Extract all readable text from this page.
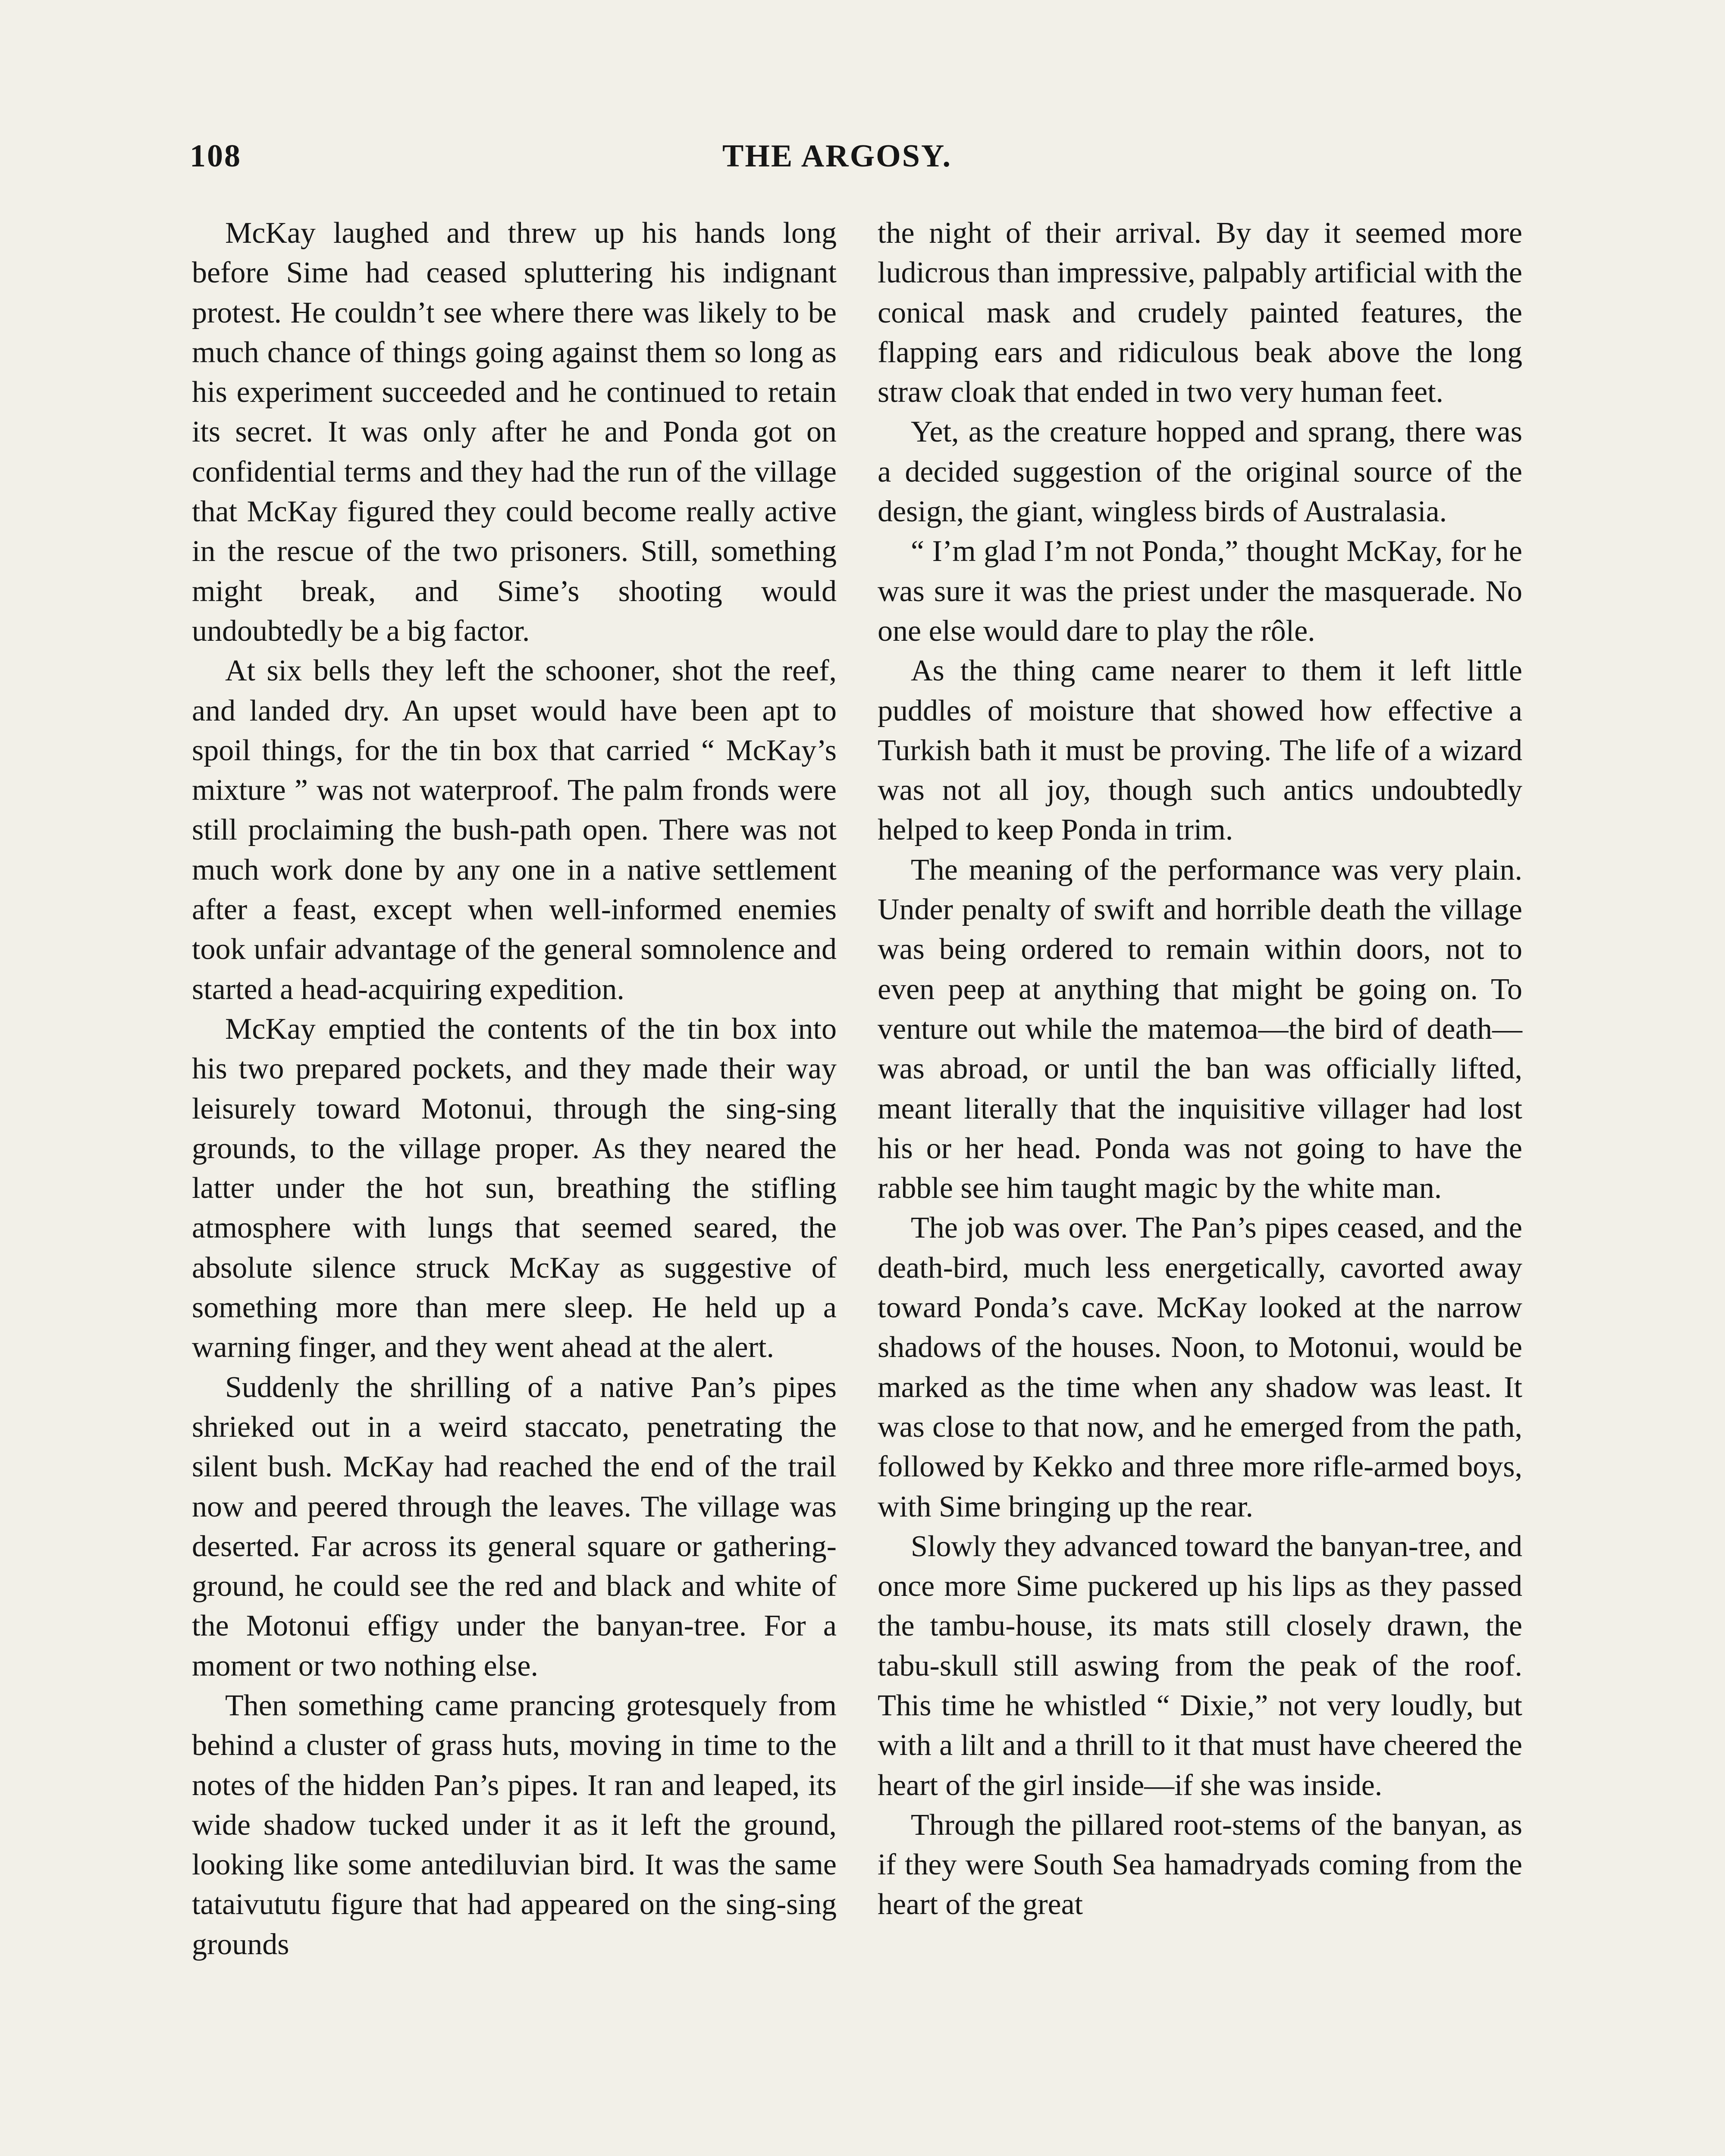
108	THE ARGOSY.

McKay laughed and threw up his hands long before Sime had ceased spluttering his indignant protest. He couldn’t see where there was likely to be much chance of things going against them so long as his experiment succeeded and he continued to retain its secret. It was only after he and Ponda got on confidential terms and they had the run of the village that McKay figured they could become really active in the rescue of the two prisoners. Still, something might break, and Sime’s shooting would undoubtedly be a big factor.

At six bells they left the schooner, shot the reef, and landed dry. An upset would have been apt to spoil things, for the tin box that carried “ McKay’s mixture ” was not waterproof. The palm fronds were still proclaiming the bush-path open. There was not much work done by any one in a native settlement after a feast, except when well-informed enemies took unfair advantage of the general somnolence and started a head-acquiring expedition.

McKay emptied the contents of the tin box into his two prepared pockets, and they made their way leisurely toward Motonui, through the sing-sing grounds, to the village proper. As they neared the latter under the hot sun, breathing the stifling atmosphere with lungs that seemed seared, the absolute silence struck McKay as suggestive of something more than mere sleep. He held up a warning finger, and they went ahead at the alert.

Suddenly the shrilling of a native Pan’s pipes shrieked out in a weird staccato, penetrating the silent bush. McKay had reached the end of the trail now and peered through the leaves. The village was deserted. Far across its general square or gathering-ground, he could see the red and black and white of the Motonui effigy under the banyan-tree. For a moment or two nothing else.

Then something came prancing grotesquely from behind a cluster of grass huts, moving in time to the notes of the hidden Pan’s pipes. It ran and leaped, its wide shadow tucked under it as it left the ground, looking like some antediluvian bird. It was the same tataivututu figure that had appeared on the sing-sing grounds

the night of their arrival. By day it seemed more ludicrous than impressive, palpably artificial with the conical mask and crudely painted features, the flapping ears and ridiculous beak above the long straw cloak that ended in two very human feet.

Yet, as the creature hopped and sprang, there was a decided suggestion of the original source of the design, the giant, wingless birds of Australasia.

“ I’m glad I’m not Ponda,” thought McKay, for he was sure it was the priest under the masquerade. No one else would dare to play the rôle.

As the thing came nearer to them it left little puddles of moisture that showed how effective a Turkish bath it must be proving. The life of a wizard was not all joy, though such antics undoubtedly helped to keep Ponda in trim.

The meaning of the performance was very plain. Under penalty of swift and horrible death the village was being ordered to remain within doors, not to even peep at anything that might be going on. To venture out while the matemoa—the bird of death—was abroad, or until the ban was officially lifted, meant literally that the inquisitive villager had lost his or her head. Ponda was not going to have the rabble see him taught magic by the white man.

The job was over. The Pan’s pipes ceased, and the death-bird, much less energetically, cavorted away toward Ponda’s cave. McKay looked at the narrow shadows of the houses. Noon, to Motonui, would be marked as the time when any shadow was least. It was close to that now, and he emerged from the path, followed by Kekko and three more rifle-armed boys, with Sime bringing up the rear.

Slowly they advanced toward the banyan-tree, and once more Sime puckered up his lips as they passed the tambu-house, its mats still closely drawn, the tabu-skull still aswing from the peak of the roof. This time he whistled “ Dixie,” not very loudly, but with a lilt and a thrill to it that must have cheered the heart of the girl inside—if she was inside.

Through the pillared root-stems of the banyan, as if they were South Sea hamadryads coming from the heart of the great
